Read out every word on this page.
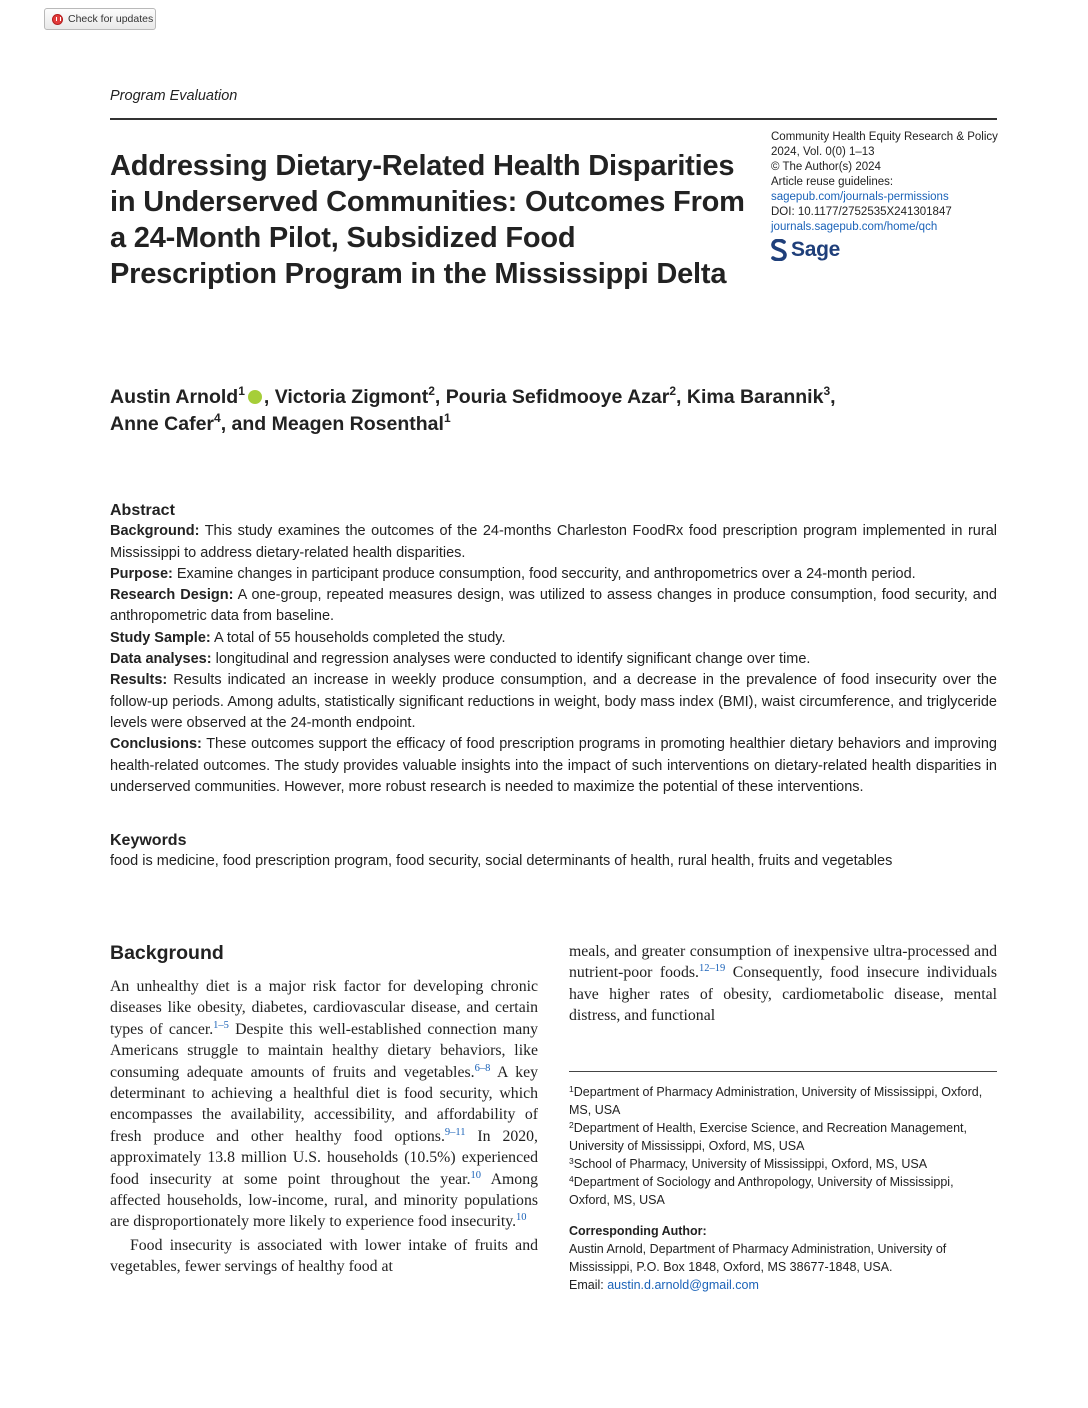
Check for updates
Program Evaluation
Addressing Dietary-Related Health Disparities in Underserved Communities: Outcomes From a 24-Month Pilot, Subsidized Food Prescription Program in the Mississippi Delta
Community Health Equity Research & Policy
2024, Vol. 0(0) 1–13
© The Author(s) 2024
Article reuse guidelines:
sagepub.com/journals-permissions
DOI: 10.1177/2752535X241301847
journals.sagepub.com/home/qch
Sage
Austin Arnold$^1$ , Victoria Zigmont$^2$, Pouria Sefidmooye Azar$^2$, Kima Barannik$^3$,
Anne Cafer$^4$, and Meagen Rosenthal$^1$
Abstract

Background: This study examines the outcomes of the 24-months Charleston FoodRx food prescription program implemented in rural Mississippi to address dietary-related health disparities.

Purpose: Examine changes in participant produce consumption, food seccurity, and anthropometrics over a 24-month period.

Research Design: A one-group, repeated measures design, was utilized to assess changes in produce consumption, food security, and anthropometric data from baseline.

Study Sample: A total of 55 households completed the study.

Data analyses: longitudinal and regression analyses were conducted to identify significant change over time.

Results: Results indicated an increase in weekly produce consumption, and a decrease in the prevalence of food insecurity over the follow-up periods. Among adults, statistically significant reductions in weight, body mass index (BMI), waist circumference, and triglyceride levels were observed at the 24-month endpoint.

Conclusions: These outcomes support the efficacy of food prescription programs in promoting healthier dietary behaviors and improving health-related outcomes. The study provides valuable insights into the impact of such interventions on dietary-related health disparities in underserved communities. However, more robust research is needed to maximize the potential of these interventions.

Keywords
food is medicine, food prescription program, food security, social determinants of health, rural health, fruits and vegetables
Background

An unhealthy diet is a major risk factor for developing chronic diseases like obesity, diabetes, cardiovascular disease, and certain types of cancer.$^{1-5}$ Despite this well-established connection many Americans struggle to maintain healthy dietary behaviors, like consuming adequate amounts of fruits and vegetables.$^{6-8}$ A key determinant to achieving a healthful diet is food security, which encompasses the availability, accessibility, and affordability of fresh produce and other healthy food options.$^{9-11}$ In 2020, approximately 13.8 million U.S. households (10.5%) experienced food insecurity at some point throughout the year.$^{10}$ Among affected households, low-income, rural, and minority populations are disproportionately more likely to experience food insecurity.$^{10}$

Food insecurity is associated with lower intake of fruits and vegetables, fewer servings of healthy food at

meals, and greater consumption of inexpensive ultra-processed and nutrient-poor foods.$^{12-19}$ Consequently, food insecure individuals have higher rates of obesity, cardiometabolic disease, mental distress, and functional

$^1$Department of Pharmacy Administration, University of Mississippi, Oxford, MS, USA
$^2$Department of Health, Exercise Science, and Recreation Management, University of Mississippi, Oxford, MS, USA
$^3$School of Pharmacy, University of Mississippi, Oxford, MS, USA
$^4$Department of Sociology and Anthropology, University of Mississippi, Oxford, MS, USA
Corresponding Author:
Austin Arnold, Department of Pharmacy Administration, University of Mississippi, P.O. Box 1848, Oxford, MS 38677-1848, USA.
Email: austin.d.arnold@gmail.com
